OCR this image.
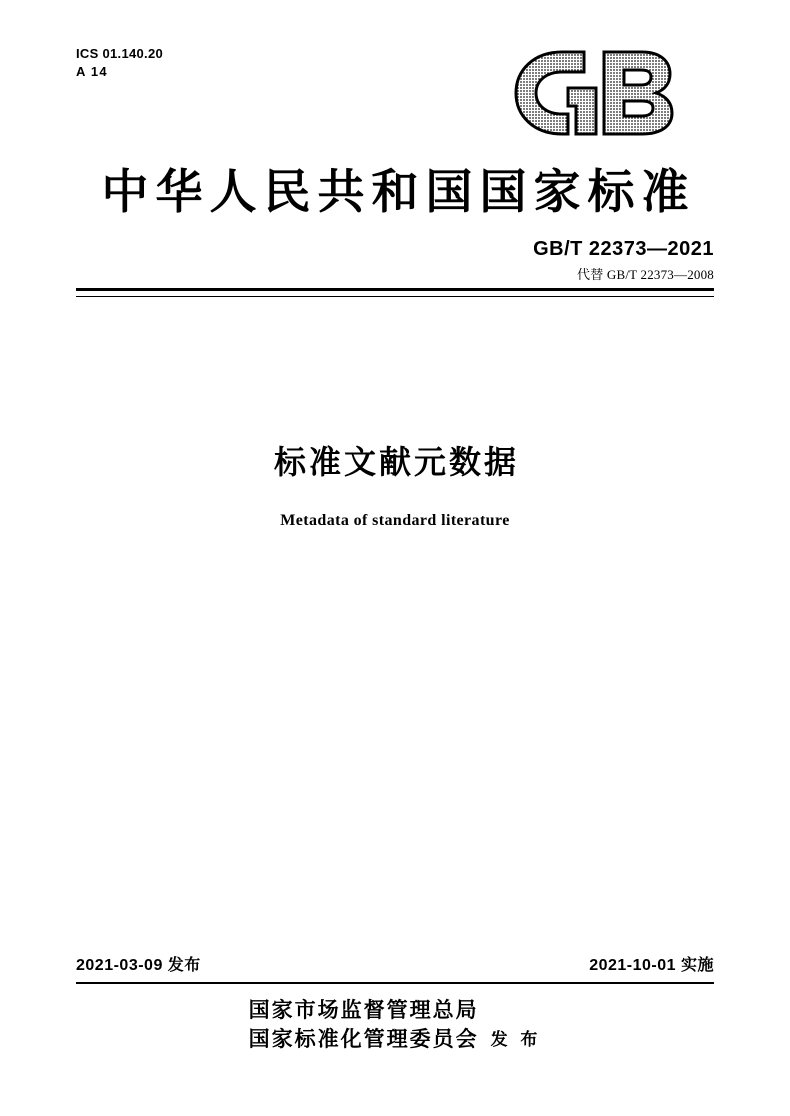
ICS 01.140.20
A 14
中华人民共和国国家标准
GB/T 22373—2021
代替 GB/T 22373—2008
标准文献元数据
Metadata of standard literature
2021-03-09 发布	2021-10-01 实施
国家市场监督管理总局
国家标准化管理委员会 发 布
